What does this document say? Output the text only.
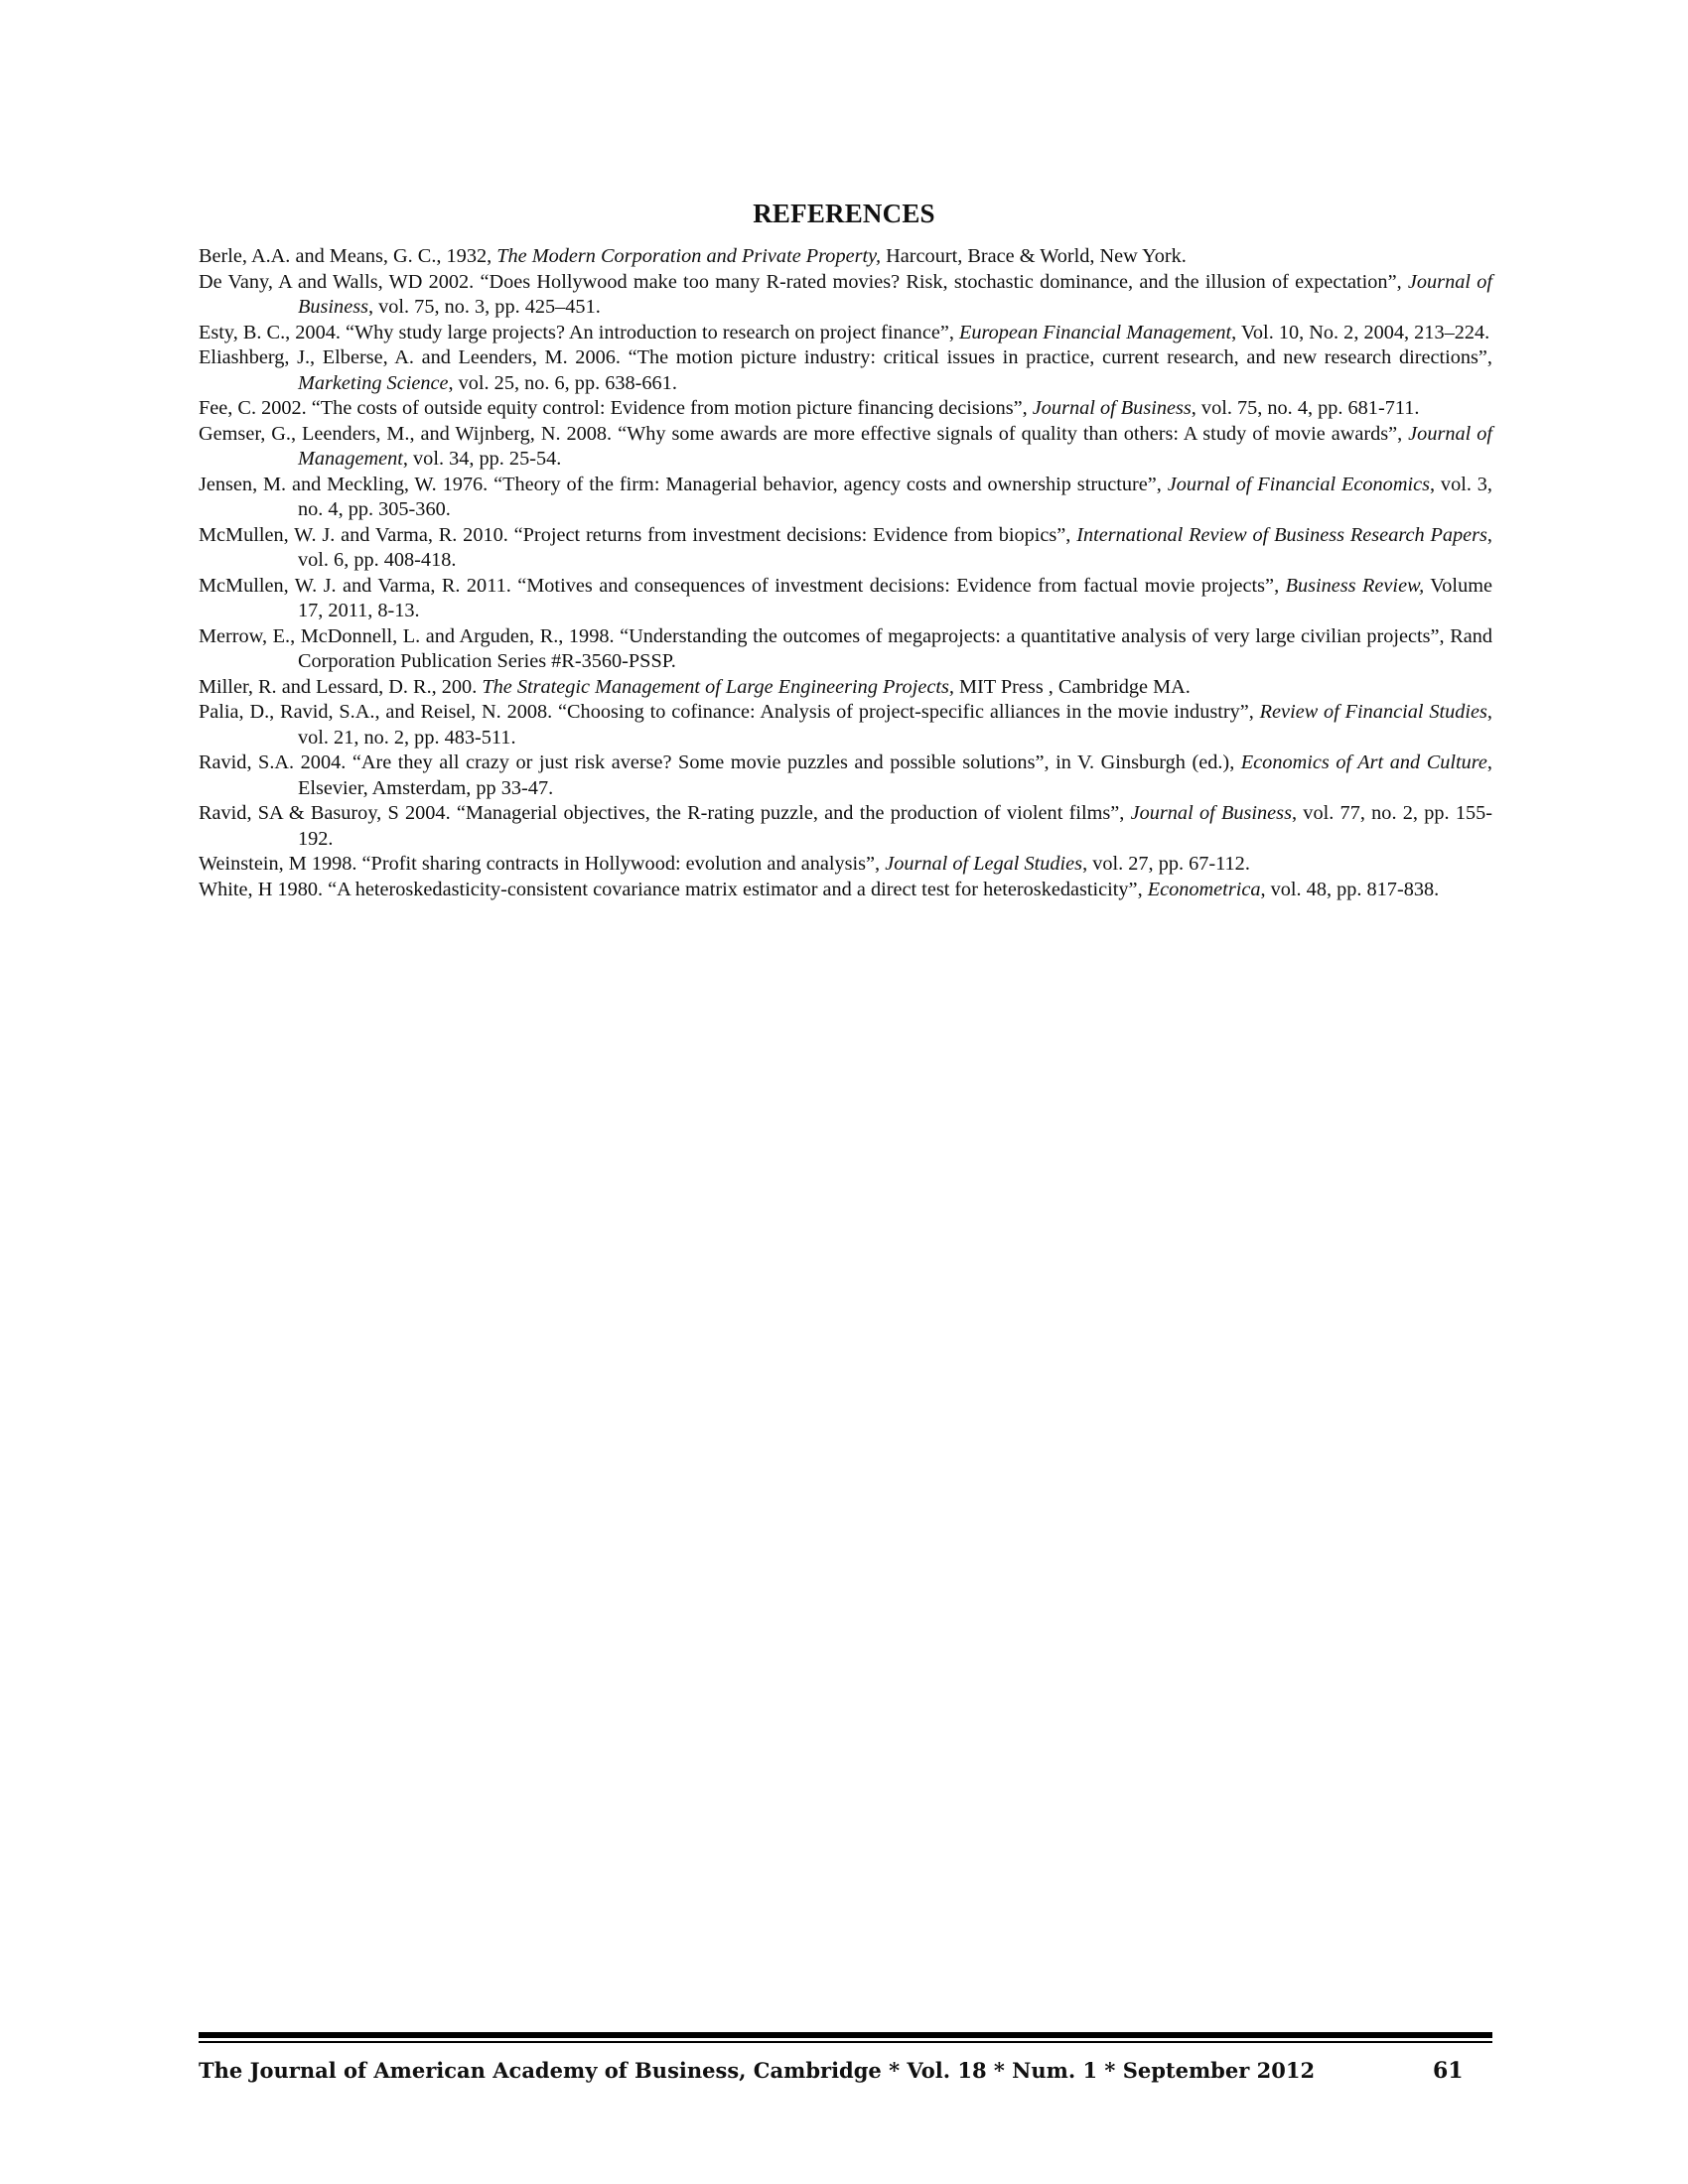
REFERENCES
Berle, A.A. and Means, G. C., 1932, The Modern Corporation and Private Property, Harcourt, Brace & World, New York.
De Vany, A and Walls, WD 2002. “Does Hollywood make too many R-rated movies? Risk, stochastic dominance, and the illusion of expectation”, Journal of Business, vol. 75, no. 3, pp. 425–451.
Esty, B. C., 2004. “Why study large projects? An introduction to research on project finance”, European Financial Management, Vol. 10, No. 2, 2004, 213–224.
Eliashberg, J., Elberse, A. and Leenders, M. 2006. “The motion picture industry: critical issues in practice, current research, and new research directions”, Marketing Science, vol. 25, no. 6, pp. 638-661.
Fee, C. 2002. “The costs of outside equity control: Evidence from motion picture financing decisions”, Journal of Business, vol. 75, no. 4, pp. 681-711.
Gemser, G., Leenders, M., and Wijnberg, N. 2008. “Why some awards are more effective signals of quality than others: A study of movie awards”, Journal of Management, vol. 34, pp. 25-54.
Jensen, M. and Meckling, W. 1976. “Theory of the firm: Managerial behavior, agency costs and ownership structure”, Journal of Financial Economics, vol. 3, no. 4, pp. 305-360.
McMullen, W. J. and Varma, R. 2010. “Project returns from investment decisions: Evidence from biopics”, International Review of Business Research Papers, vol. 6, pp. 408-418.
McMullen, W. J. and Varma, R. 2011. “Motives and consequences of investment decisions: Evidence from factual movie projects”, Business Review, Volume 17, 2011, 8-13.
Merrow, E., McDonnell, L. and Arguden, R., 1998. “Understanding the outcomes of megaprojects: a quantitative analysis of very large civilian projects”, Rand Corporation Publication Series #R-3560-PSSP.
Miller, R. and Lessard, D. R., 200. The Strategic Management of Large Engineering Projects, MIT Press , Cambridge MA.
Palia, D., Ravid, S.A., and Reisel, N. 2008. “Choosing to cofinance: Analysis of project-specific alliances in the movie industry”, Review of Financial Studies, vol. 21, no. 2, pp. 483-511.
Ravid, S.A. 2004. “Are they all crazy or just risk averse? Some movie puzzles and possible solutions”, in V. Ginsburgh (ed.), Economics of Art and Culture, Elsevier, Amsterdam, pp 33-47.
Ravid, SA & Basuroy, S 2004. “Managerial objectives, the R-rating puzzle, and the production of violent films”, Journal of Business, vol. 77, no. 2, pp. 155-192.
Weinstein, M 1998. “Profit sharing contracts in Hollywood: evolution and analysis”, Journal of Legal Studies, vol. 27, pp. 67-112.
White, H 1980. “A heteroskedasticity-consistent covariance matrix estimator and a direct test for heteroskedasticity”, Econometrica, vol. 48, pp. 817-838.

The Journal of American Academy of Business, Cambridge * Vol. 18 * Num. 1 * September 2012	61
